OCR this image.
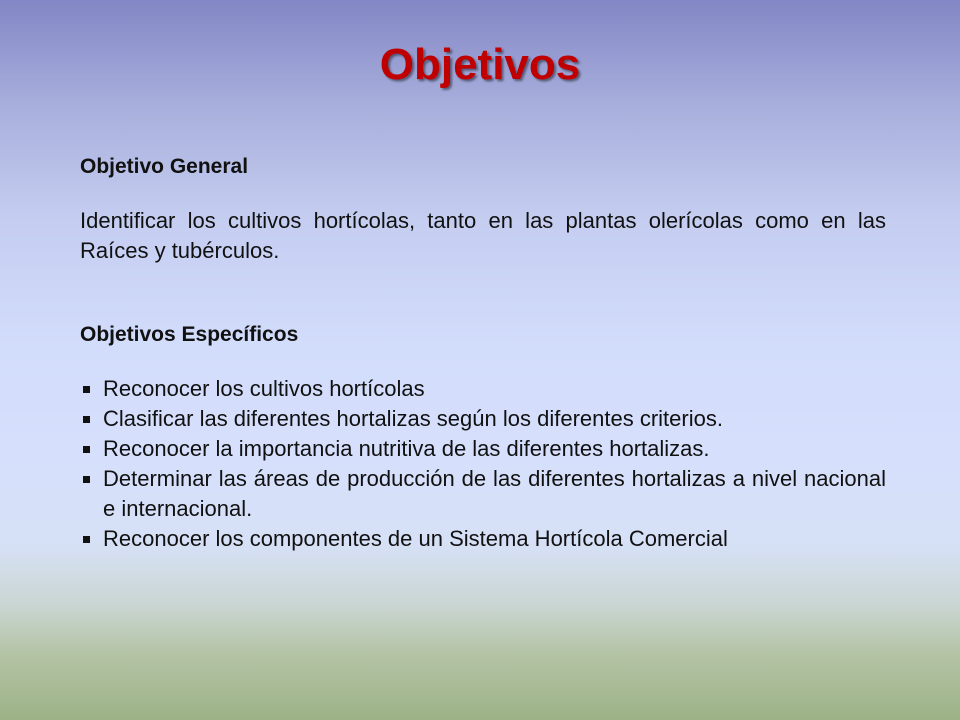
Objetivos

Objetivo General

Identificar los cultivos hortícolas, tanto en las plantas olerícolas como en las Raíces y tubérculos.

Objetivos Específicos

Reconocer los cultivos hortícolas
Clasificar las diferentes hortalizas según los diferentes criterios.
Reconocer la importancia nutritiva de las diferentes hortalizas.
Determinar las áreas de producción de las diferentes hortalizas a nivel nacional e internacional.
Reconocer los componentes de un Sistema Hortícola Comercial
